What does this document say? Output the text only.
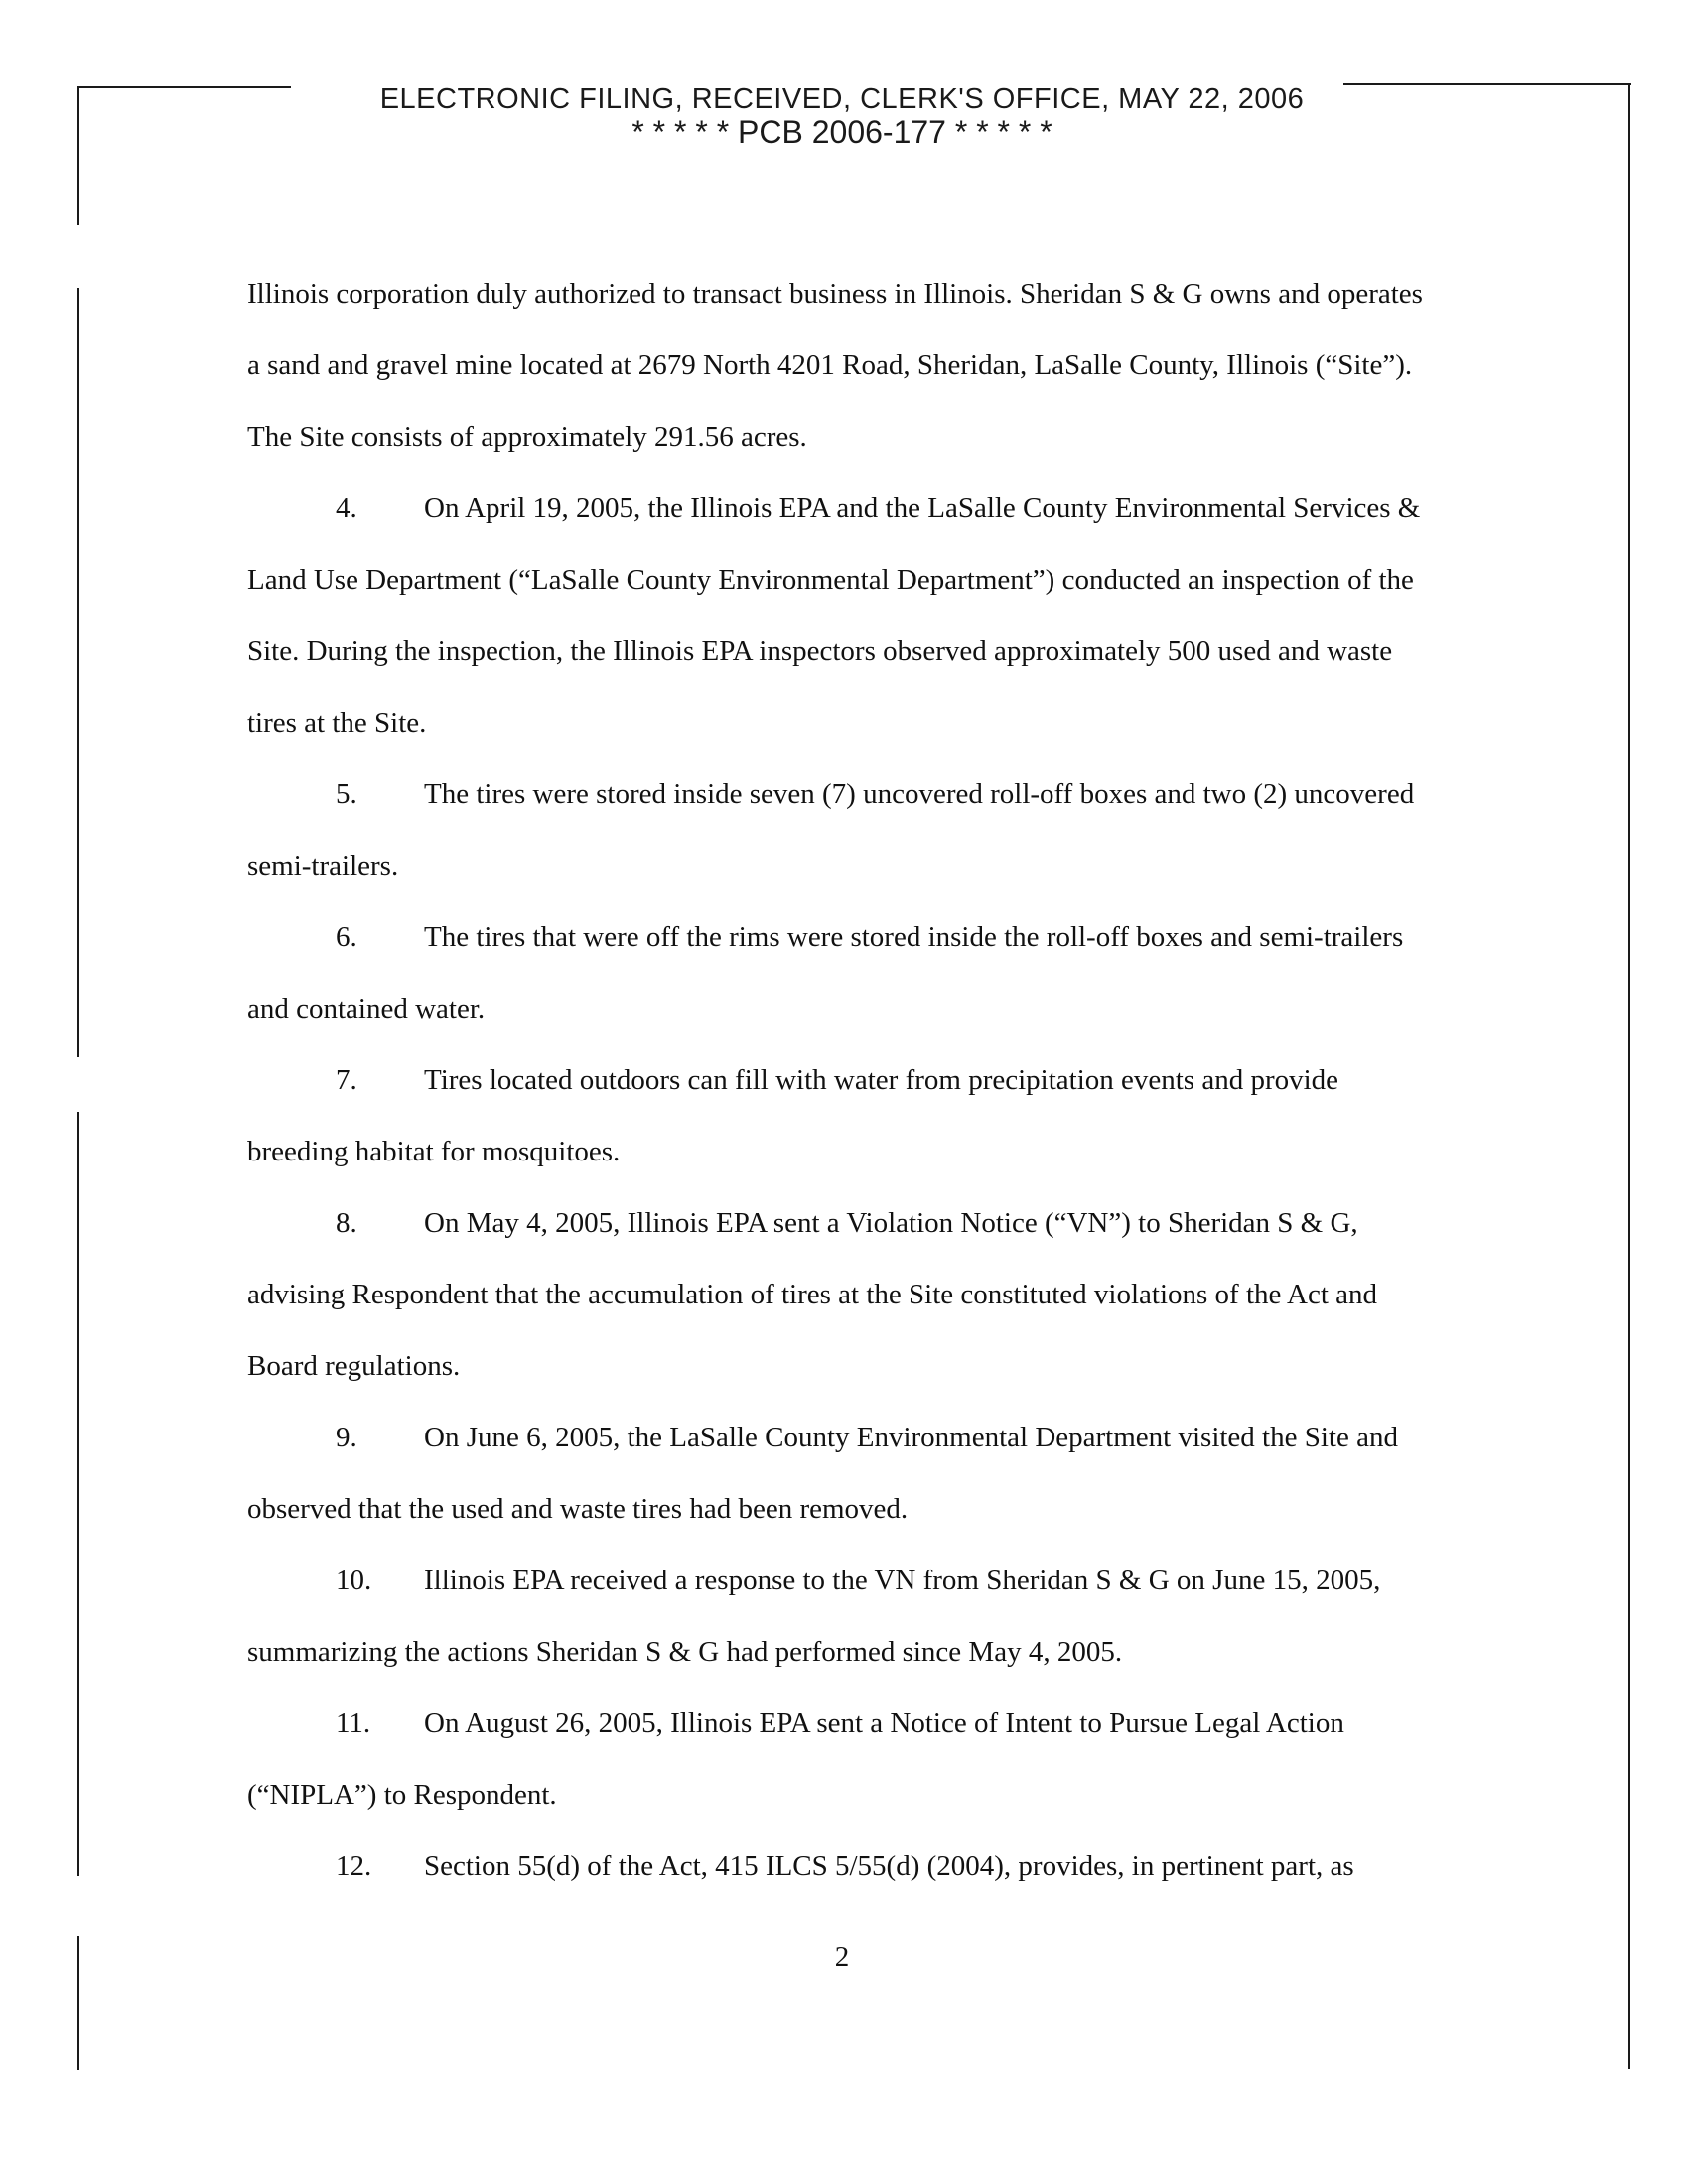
ELECTRONIC FILING, RECEIVED, CLERK'S OFFICE, MAY 22, 2006
* * * * * PCB 2006-177 * * * * *

Illinois corporation duly authorized to transact business in Illinois. Sheridan S & G owns and operates a sand and gravel mine located at 2679 North 4201 Road, Sheridan, LaSalle County, Illinois (“Site”). The Site consists of approximately 291.56 acres.

4. On April 19, 2005, the Illinois EPA and the LaSalle County Environmental Services & Land Use Department (“LaSalle County Environmental Department”) conducted an inspection of the Site. During the inspection, the Illinois EPA inspectors observed approximately 500 used and waste tires at the Site.

5. The tires were stored inside seven (7) uncovered roll-off boxes and two (2) uncovered semi-trailers.

6. The tires that were off the rims were stored inside the roll-off boxes and semi-trailers and contained water.

7. Tires located outdoors can fill with water from precipitation events and provide breeding habitat for mosquitoes.

8. On May 4, 2005, Illinois EPA sent a Violation Notice (“VN”) to Sheridan S & G, advising Respondent that the accumulation of tires at the Site constituted violations of the Act and Board regulations.

9. On June 6, 2005, the LaSalle County Environmental Department visited the Site and observed that the used and waste tires had been removed.

10. Illinois EPA received a response to the VN from Sheridan S & G on June 15, 2005, summarizing the actions Sheridan S & G had performed since May 4, 2005.

11. On August 26, 2005, Illinois EPA sent a Notice of Intent to Pursue Legal Action (“NIPLA”) to Respondent.

12. Section 55(d) of the Act, 415 ILCS 5/55(d) (2004), provides, in pertinent part, as

2
